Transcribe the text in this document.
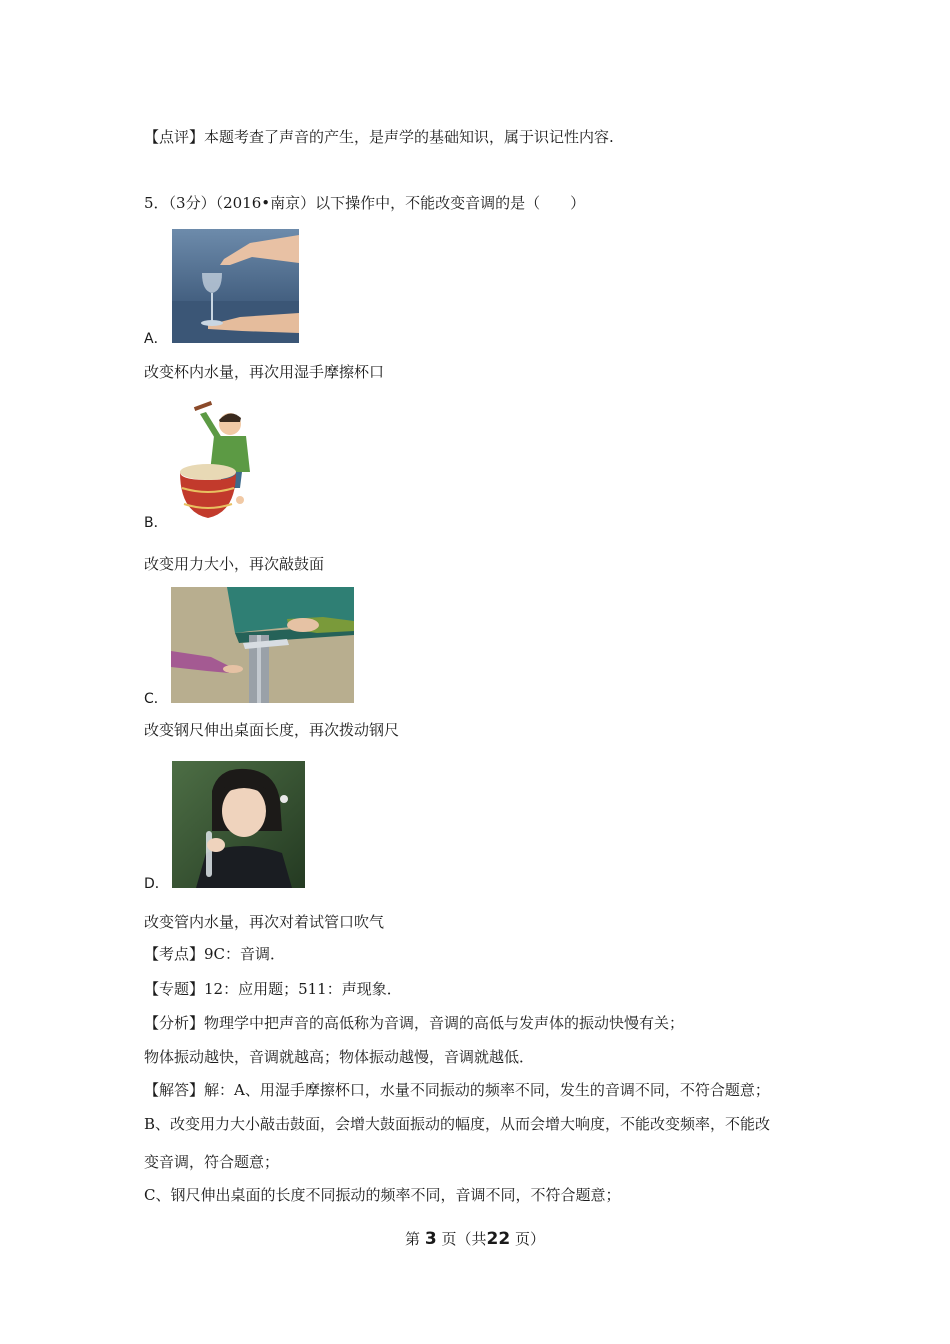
【点评】本题考查了声音的产生，是声学的基础知识，属于识记性内容.
5．（3分）（2016•南京）以下操作中，不能改变音调的是（　　）
A．
改变杯内水量，再次用湿手摩擦杯口
B．
改变用力大小，再次敲鼓面
C．
改变钢尺伸出桌面长度，再次拨动钢尺
D．
改变管内水量，再次对着试管口吹气
【考点】9C：音调．
【专题】12：应用题；511：声现象．
【分析】物理学中把声音的高低称为音调，音调的高低与发声体的振动快慢有关；
物体振动越快，音调就越高；物体振动越慢，音调就越低．
【解答】解：A、用湿手摩擦杯口，水量不同振动的频率不同，发生的音调不同，不符合题意；
B、改变用力大小敲击鼓面，会增大鼓面振动的幅度，从而会增大响度，不能改变频率，不能改
变音调，符合题意；
C、钢尺伸出桌面的长度不同振动的频率不同，音调不同，不符合题意；
第 3 页（共22 页）
